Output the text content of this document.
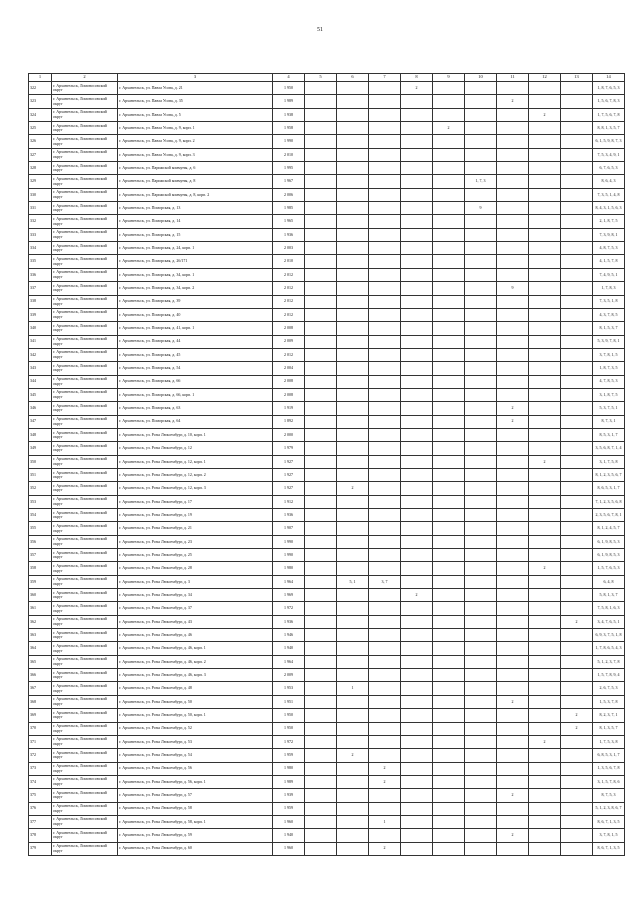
51
1	2	3	4	5	6	7	8	9	10	11	12	13	14
322	г. Архангельск, Ломоносовский округ	г. Архангельск, ул. Павла Усова, д. 21	1 950				2						1, 8, 7, 6, 5, 3
323	г. Архангельск, Ломоносовский округ	г. Архангельск, ул. Павла Усова, д. 35	1 989							2			1, 5, 6, 7, 8, 3
324	г. Архангельск, Ломоносовский округ	г. Архангельск, ул. Павла Усова, д. 5	1 938								2		1, 7, 5, 6, 7, 8
325	г. Архангельск, Ломоносовский округ	г. Архангельск, ул. Павла Усова, д. 9, корп. 1	1 958					2					8, 8, 1, 3, 5, 7
326	г. Архангельск, Ломоносовский округ	г. Архангельск, ул. Павла Усова, д. 9, корп. 2	1 990										6, 1, 5, 9, 8, 7, 3
327	г. Архангельск, Ломоносовский округ	г. Архангельск, ул. Павла Усова, д. 9, корп. 3	2 010										7, 5, 3, 4, 9, 1
328	г. Архангельск, Ломоносовский округ	г. Архангельск, ул. Парижской коммуны, д. 6	1 995										6, 7, 6, 5, 3
329	г. Архангельск, Ломоносовский округ	г. Архангельск, ул. Парижской коммуны, д. 8	1 967						1, 7, 3				8, 6, 4, 3
330	г. Архангельск, Ломоносовский округ	г. Архангельск, ул. Парижской коммуны, д. 8, корп. 2	2 006										7, 3, 5, 1, 4, 8
331	г. Архангельск, Ломоносовский округ	г. Архангельск, ул. Поморская, д. 13	1 985						9				8, 4, 3, 1, 5, 6, 3
332	г. Архангельск, Ломоносовский округ	г. Архангельск, ул. Поморская, д. 14	1 965										2, 1, 8, 7, 5
333	г. Архангельск, Ломоносовский округ	г. Архангельск, ул. Поморская, д. 15	1 936										7, 3, 9, 8, 1
334	г. Архангельск, Ломоносовский округ	г. Архангельск, ул. Поморская, д. 24, корп. 1	2 003										4, 8, 7, 5, 3
335	г. Архангельск, Ломоносовский округ	г. Архангельск, ул. Поморская, д. 26/171	2 010										4, 1, 5, 7, 8
336	г. Архангельск, Ломоносовский округ	г. Архангельск, ул. Поморская, д. 34, корп. 1	2 012										7, 4, 9, 5, 1
337	г. Архангельск, Ломоносовский округ	г. Архангельск, ул. Поморская, д. 34, корп. 2	2 012							9			1, 7, 8, 3
338	г. Архангельск, Ломоносовский округ	г. Архангельск, ул. Поморская, д. 39	2 012										7, 3, 5, 1, 8
339	г. Архангельск, Ломоносовский округ	г. Архангельск, ул. Поморская, д. 40	2 012										4, 3, 7, 8, 5
340	г. Архангельск, Ломоносовский округ	г. Архангельск, ул. Поморская, д. 41, корп. 1	2 008										8, 1, 5, 3, 7
341	г. Архангельск, Ломоносовский округ	г. Архангельск, ул. Поморская, д. 44	2 009										5, 3, 9, 7, 8, 1
342	г. Архангельск, Ломоносовский округ	г. Архангельск, ул. Поморская, д. 45	2 012										3, 7, 8, 1, 5
343	г. Архангельск, Ломоносовский округ	г. Архангельск, ул. Поморская, д. 54	2 004										1, 8, 7, 3, 5
344	г. Архангельск, Ломоносовский округ	г. Архангельск, ул. Поморская, д. 66	2 008										4, 7, 8, 5, 3
345	г. Архангельск, Ломоносовский округ	г. Архангельск, ул. Поморская, д. 66, корп. 1	2 008										3, 1, 8, 7, 5
346	г. Архангельск, Ломоносовский округ	г. Архангельск, ул. Поморская, д. 63	1 919							2			5, 3, 7, 5, 1
347	г. Архангельск, Ломоносовский округ	г. Архангельск, ул. Поморская, д. 64	1 892							2			8, 7, 3, 1
348	г. Архангельск, Ломоносовский округ	г. Архангельск, ул. Розы Люксембург, д. 10, корп. 1	2 000										8, 5, 3, 1, 7
349	г. Архангельск, Ломоносовский округ	г. Архангельск, ул. Розы Люксембург, д. 12	1 979										3, 5, 6, 8, 7, 1, 4
350	г. Архангельск, Ломоносовский округ	г. Архангельск, ул. Розы Люксембург, д. 12, корп. 1	1 927								2		3, 1, 7, 5, 8
351	г. Архангельск, Ломоносовский округ	г. Архангельск, ул. Розы Люксембург, д. 12, корп. 2	1 927										8, 1, 2, 3, 5, 6, 7
352	г. Архангельск, Ломоносовский округ	г. Архангельск, ул. Розы Люксембург, д. 12, корп. 3	1 927		2								8, 6, 5, 3, 1, 7
353	г. Архангельск, Ломоносовский округ	г. Архангельск, ул. Розы Люксембург, д. 17	1 912										7, 1, 2, 3, 5, 6, 8
354	г. Архангельск, Ломоносовский округ	г. Архангельск, ул. Розы Люксембург, д. 19	1 936										2, 3, 5, 6, 7, 8, 1
355	г. Архангельск, Ломоносовский округ	г. Архангельск, ул. Розы Люксембург, д. 21	1 907										8, 1, 2, 4, 5, 7
356	г. Архангельск, Ломоносовский округ	г. Архангельск, ул. Розы Люксембург, д. 23	1 990										6, 1, 9, 8, 5, 3
357	г. Архангельск, Ломоносовский округ	г. Архангельск, ул. Розы Люксембург, д. 25	1 990										6, 1, 9, 8, 5, 3
358	г. Архангельск, Ломоносовский округ	г. Архангельск, ул. Розы Люксембург, д. 28	1 980								2		1, 5, 7, 6, 5, 3
359	г. Архангельск, Ломоносовский округ	г. Архангельск, ул. Розы Люксембург, д. 3	1 964		5, 1	3, 7							6, 4, 8
360	г. Архангельск, Ломоносовский округ	г. Архангельск, ул. Розы Люксембург, д. 34	1 969				2						5, 8, 1, 3, 7
361	г. Архангельск, Ломоносовский округ	г. Архангельск, ул. Розы Люксембург, д. 37	1 972										7, 5, 8, 1, 6, 3
362	г. Архангельск, Ломоносовский округ	г. Архангельск, ул. Розы Люксембург, д. 43	1 936									2	3, 4, 7, 6, 5, 1
363	г. Архангельск, Ломоносовский округ	г. Архангельск, ул. Розы Люксембург, д. 46	1 946										6, 9, 3, 7, 5, 1, 8
364	г. Архангельск, Ломоносовский округ	г. Архангельск, ул. Розы Люксембург, д. 46, корп. 1	1 940										1, 7, 8, 6, 5, 4, 3
365	г. Архангельск, Ломоносовский округ	г. Архангельск, ул. Розы Люксембург, д. 46, корп. 2	1 964										5, 1, 2, 3, 7, 8
366	г. Архангельск, Ломоносовский округ	г. Архангельск, ул. Розы Люксембург, д. 46, корп. 3	2 009										1, 5, 7, 8, 9, 4
367	г. Архангельск, Ломоносовский округ	г. Архангельск, ул. Розы Люксембург, д. 48	1 953		1								2, 6, 7, 5, 3
368	г. Архангельск, Ломоносовский округ	г. Архангельск, ул. Розы Люксембург, д. 50	1 951							2			1, 5, 3, 7, 8
369	г. Архангельск, Ломоносовский округ	г. Архангельск, ул. Розы Люксембург, д. 50, корп. 1	1 950									2	8, 2, 3, 7, 1
370	г. Архангельск, Ломоносовский округ	г. Архангельск, ул. Розы Люксембург, д. 52	1 950									2	8, 1, 3, 5, 7
371	г. Архангельск, Ломоносовский округ	г. Архангельск, ул. Розы Люксембург, д. 53	1 972								2		1, 7, 5, 3, 8
372	г. Архангельск, Ломоносовский округ	г. Архангельск, ул. Розы Люксембург, д. 54	1 959		2								6, 8, 5, 3, 1, 7
373	г. Архангельск, Ломоносовский округ	г. Архангельск, ул. Розы Люксембург, д. 56	1 980			2							1, 3, 5, 6, 7, 8
374	г. Архангельск, Ломоносовский округ	г. Архангельск, ул. Розы Люксембург, д. 56, корп. 1	1 989			2							3, 1, 5, 7, 8, 6
375	г. Архангельск, Ломоносовский округ	г. Архангельск, ул. Розы Люксембург, д. 57	1 939							2			8, 7, 5, 3
376	г. Архангельск, Ломоносовский округ	г. Архангельск, ул. Розы Люксембург, д. 58	1 959										5, 1, 2, 3, 8, 6, 7
377	г. Архангельск, Ломоносовский округ	г. Архангельск, ул. Розы Люксембург, д. 58, корп. 1	1 960			1							8, 6, 7, 1, 3, 5
378	г. Архангельск, Ломоносовский округ	г. Архангельск, ул. Розы Люксембург, д. 59	1 940							2			3, 7, 8, 1, 5
379	г. Архангельск, Ломоносовский округ	г. Архангельск, ул. Розы Люксембург, д. 60	1 960			2							8, 6, 7, 1, 3, 5
